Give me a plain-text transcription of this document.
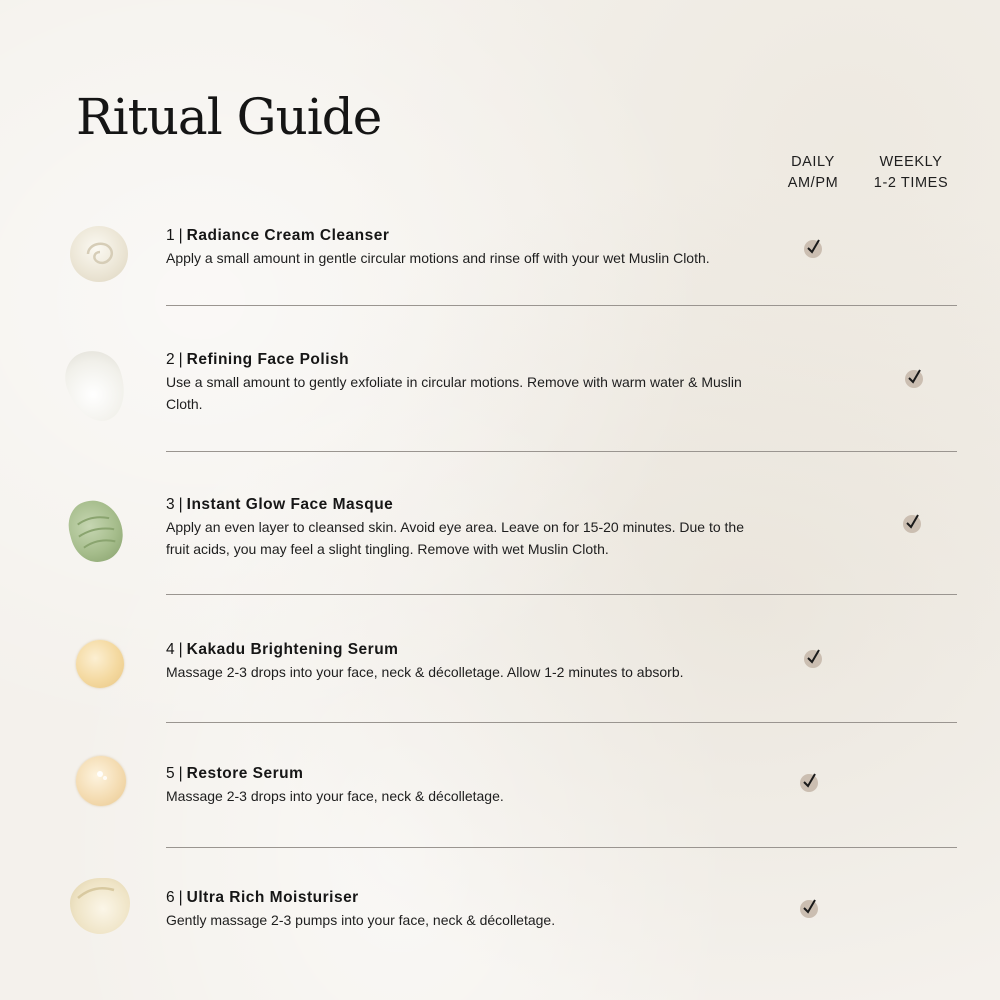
Ritual Guide
DAILY
AM/PM
WEEKLY
1-2 TIMES
1 | Radiance Cream Cleanser
Apply a small amount in gentle circular motions and rinse off with your wet Muslin Cloth.
2 | Refining Face Polish
Use a small amount to gently exfoliate in circular motions. Remove with warm water & Muslin Cloth.
3 | Instant Glow Face Masque
Apply an even layer to cleansed skin. Avoid eye area. Leave on for 15-20 minutes. Due to the fruit acids, you may feel a slight tingling. Remove with wet Muslin Cloth.
4 | Kakadu Brightening Serum
Massage 2-3 drops into your face, neck & décolletage. Allow 1-2 minutes to absorb.
5 | Restore Serum
Massage 2-3 drops into your face, neck & décolletage.
6 | Ultra Rich Moisturiser
Gently massage 2-3 pumps into your face, neck & décolletage.
